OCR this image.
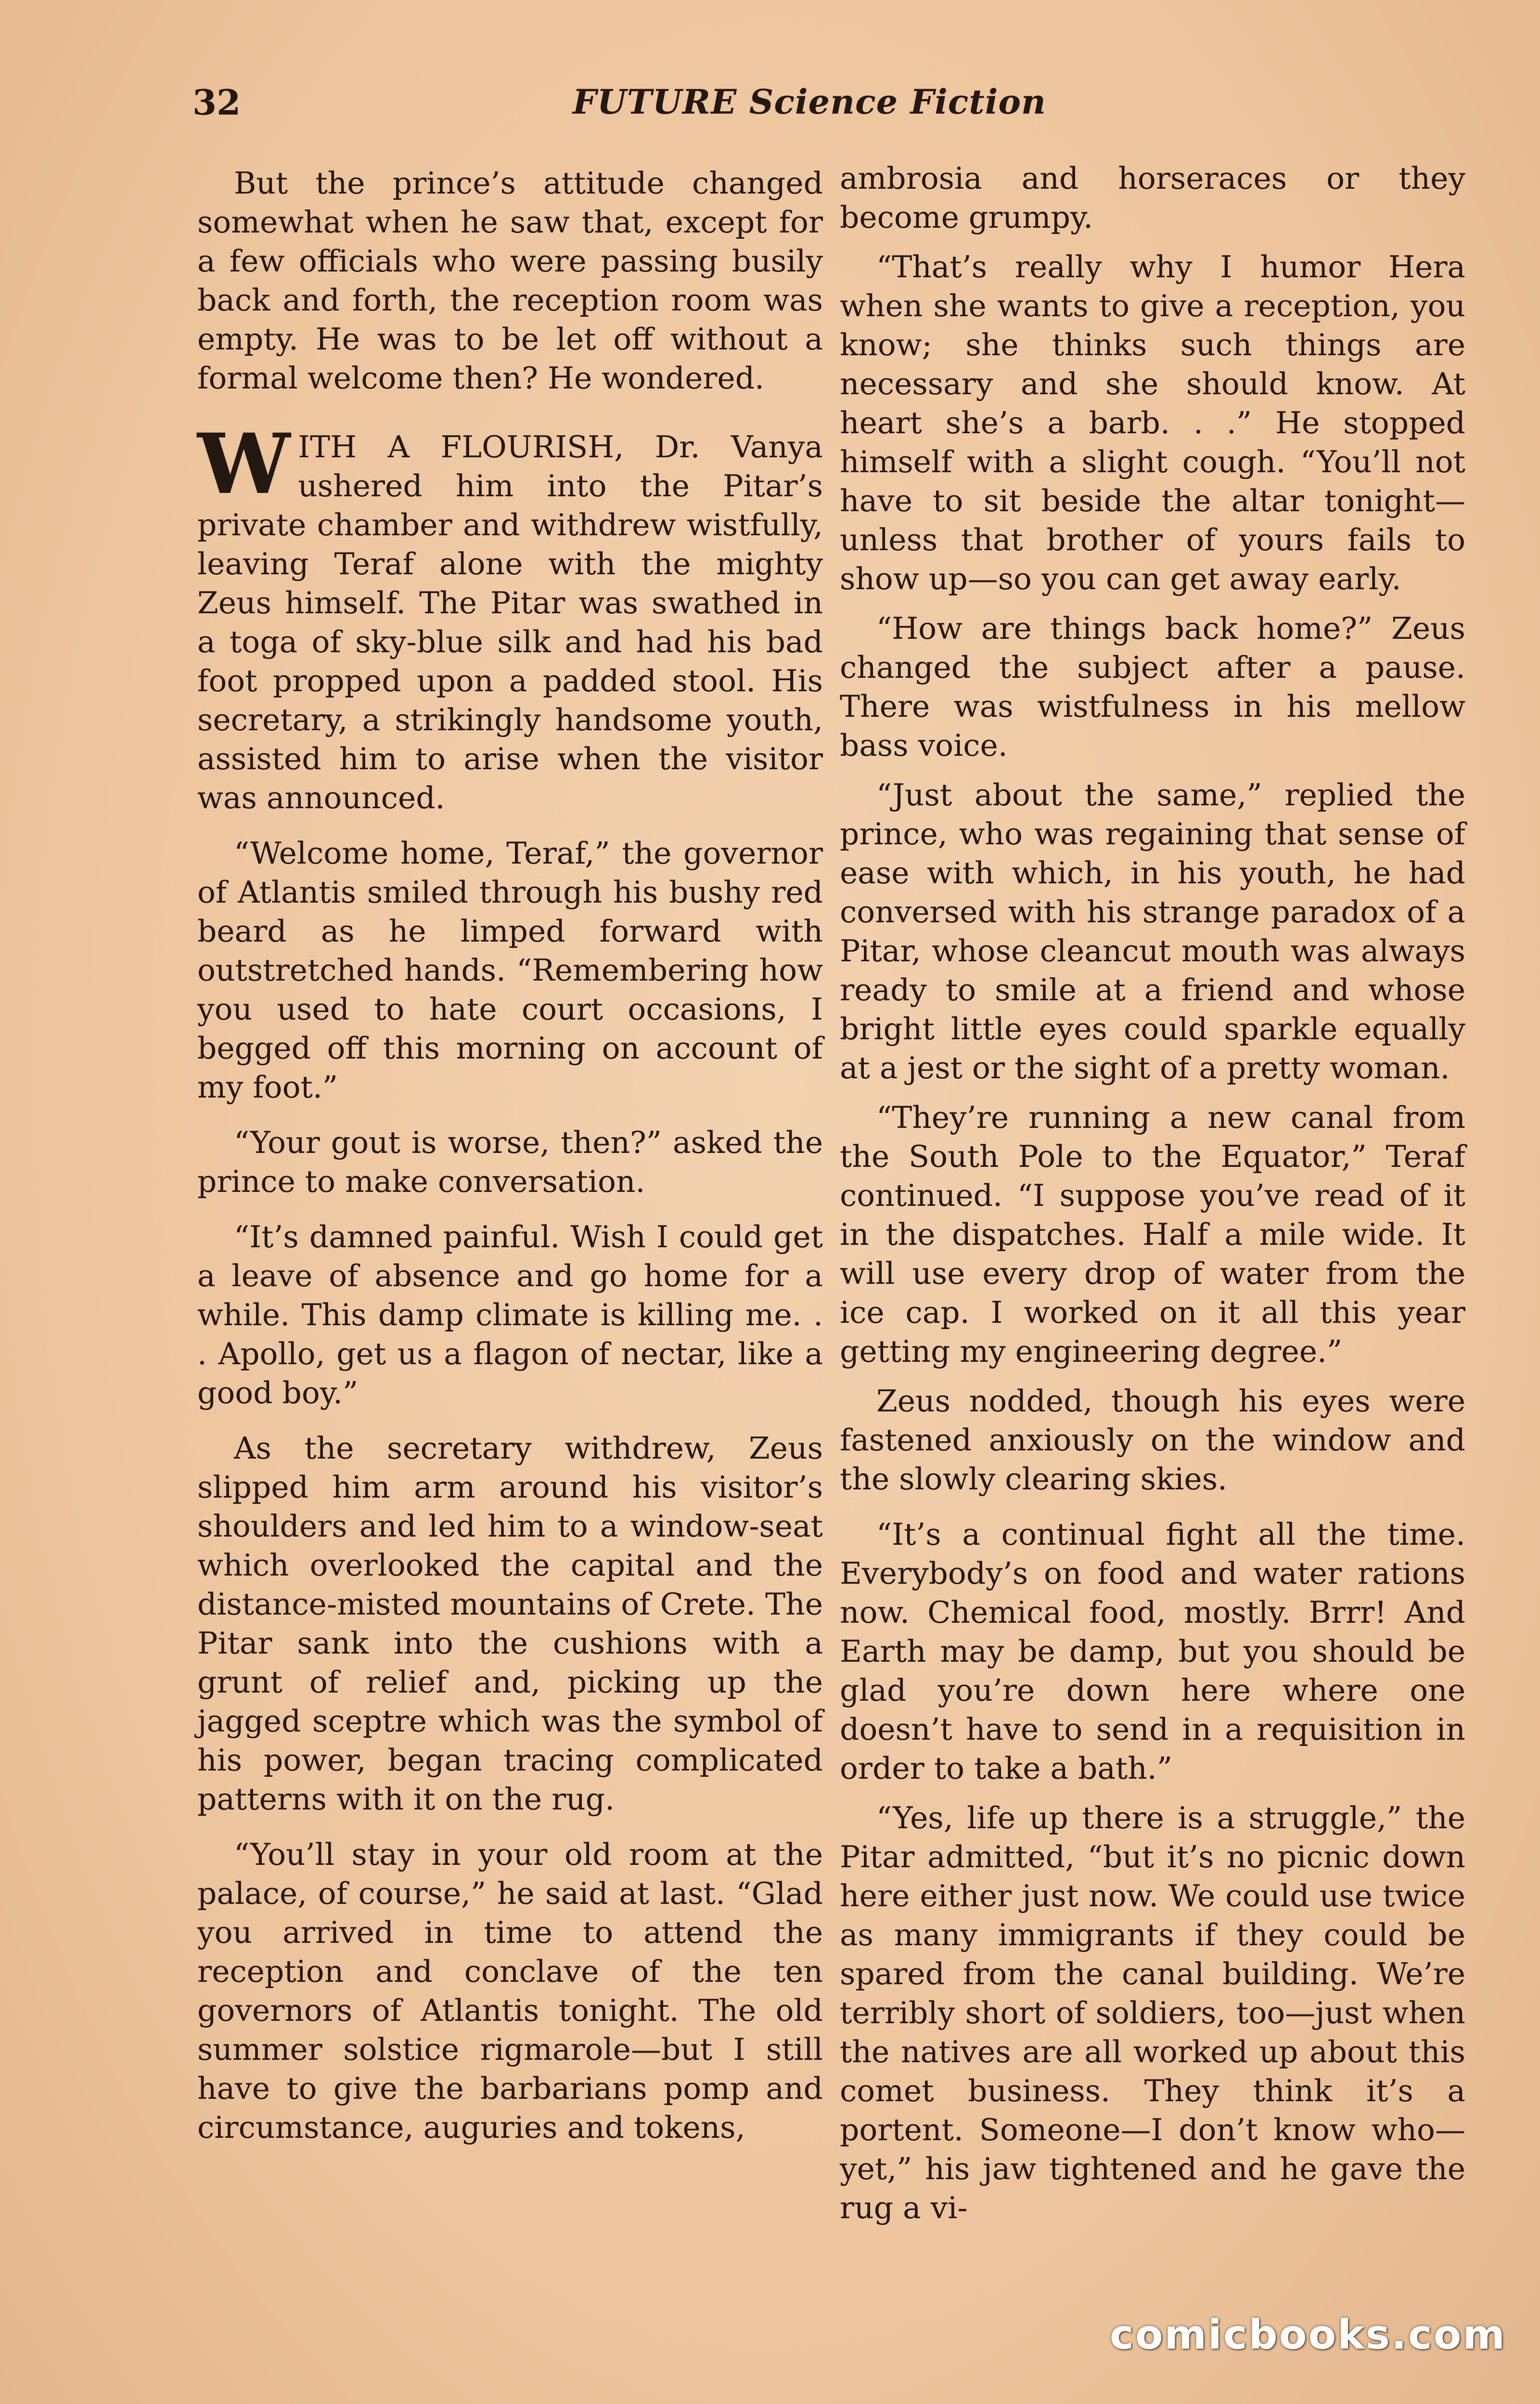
32	FUTURE Science Fiction

But the prince’s attitude changed somewhat when he saw that, except for a few officials who were passing busily back and forth, the reception room was empty. He was to be let off without a formal welcome then? He wondered.

WITH A FLOURISH, Dr. Vanya ushered him into the Pitar’s private chamber and withdrew wistfully, leaving Teraf alone with the mighty Zeus himself. The Pitar was swathed in a toga of sky-blue silk and had his bad foot propped upon a padded stool. His secretary, a strikingly handsome youth, assisted him to arise when the visitor was announced.

“Welcome home, Teraf,” the governor of Atlantis smiled through his bushy red beard as he limped forward with outstretched hands. “Remembering how you used to hate court occasions, I begged off this morning on account of my foot.”

“Your gout is worse, then?” asked the prince to make conversation.

“It’s damned painful. Wish I could get a leave of absence and go home for a while. This damp climate is killing me. . . Apollo, get us a flagon of nectar, like a good boy.”

As the secretary withdrew, Zeus slipped him arm around his visitor’s shoulders and led him to a window-seat which overlooked the capital and the distance-misted mountains of Crete. The Pitar sank into the cushions with a grunt of relief and, picking up the jagged sceptre which was the symbol of his power, began tracing complicated patterns with it on the rug.

“You’ll stay in your old room at the palace, of course,” he said at last. “Glad you arrived in time to attend the reception and conclave of the ten governors of Atlantis tonight. The old summer solstice rigmarole—but I still have to give the barbarians pomp and circumstance, auguries and tokens,

ambrosia and horseraces or they become grumpy.

“That’s really why I humor Hera when she wants to give a reception, you know; she thinks such things are necessary and she should know. At heart she’s a barb. . .” He stopped himself with a slight cough. “You’ll not have to sit beside the altar tonight—unless that brother of yours fails to show up—so you can get away early.

“How are things back home?” Zeus changed the subject after a pause. There was wistfulness in his mellow bass voice.

“Just about the same,” replied the prince, who was regaining that sense of ease with which, in his youth, he had conversed with his strange paradox of a Pitar, whose cleancut mouth was always ready to smile at a friend and whose bright little eyes could sparkle equally at a jest or the sight of a pretty woman.

“They’re running a new canal from the South Pole to the Equator,” Teraf continued. “I suppose you’ve read of it in the dispatches. Half a mile wide. It will use every drop of water from the ice cap. I worked on it all this year getting my engineering degree.”

Zeus nodded, though his eyes were fastened anxiously on the window and the slowly clearing skies.

“It’s a continual fight all the time. Everybody’s on food and water rations now. Chemical food, mostly. Brrr! And Earth may be damp, but you should be glad you’re down here where one doesn’t have to send in a requisition in order to take a bath.”

“Yes, life up there is a struggle,” the Pitar admitted, “but it’s no picnic down here either just now. We could use twice as many immigrants if they could be spared from the canal building. We’re terribly short of soldiers, too—just when the natives are all worked up about this comet business. They think it’s a portent. Someone—I don’t know who—yet,” his jaw tightened and he gave the rug a vi-

comicbooks.com
